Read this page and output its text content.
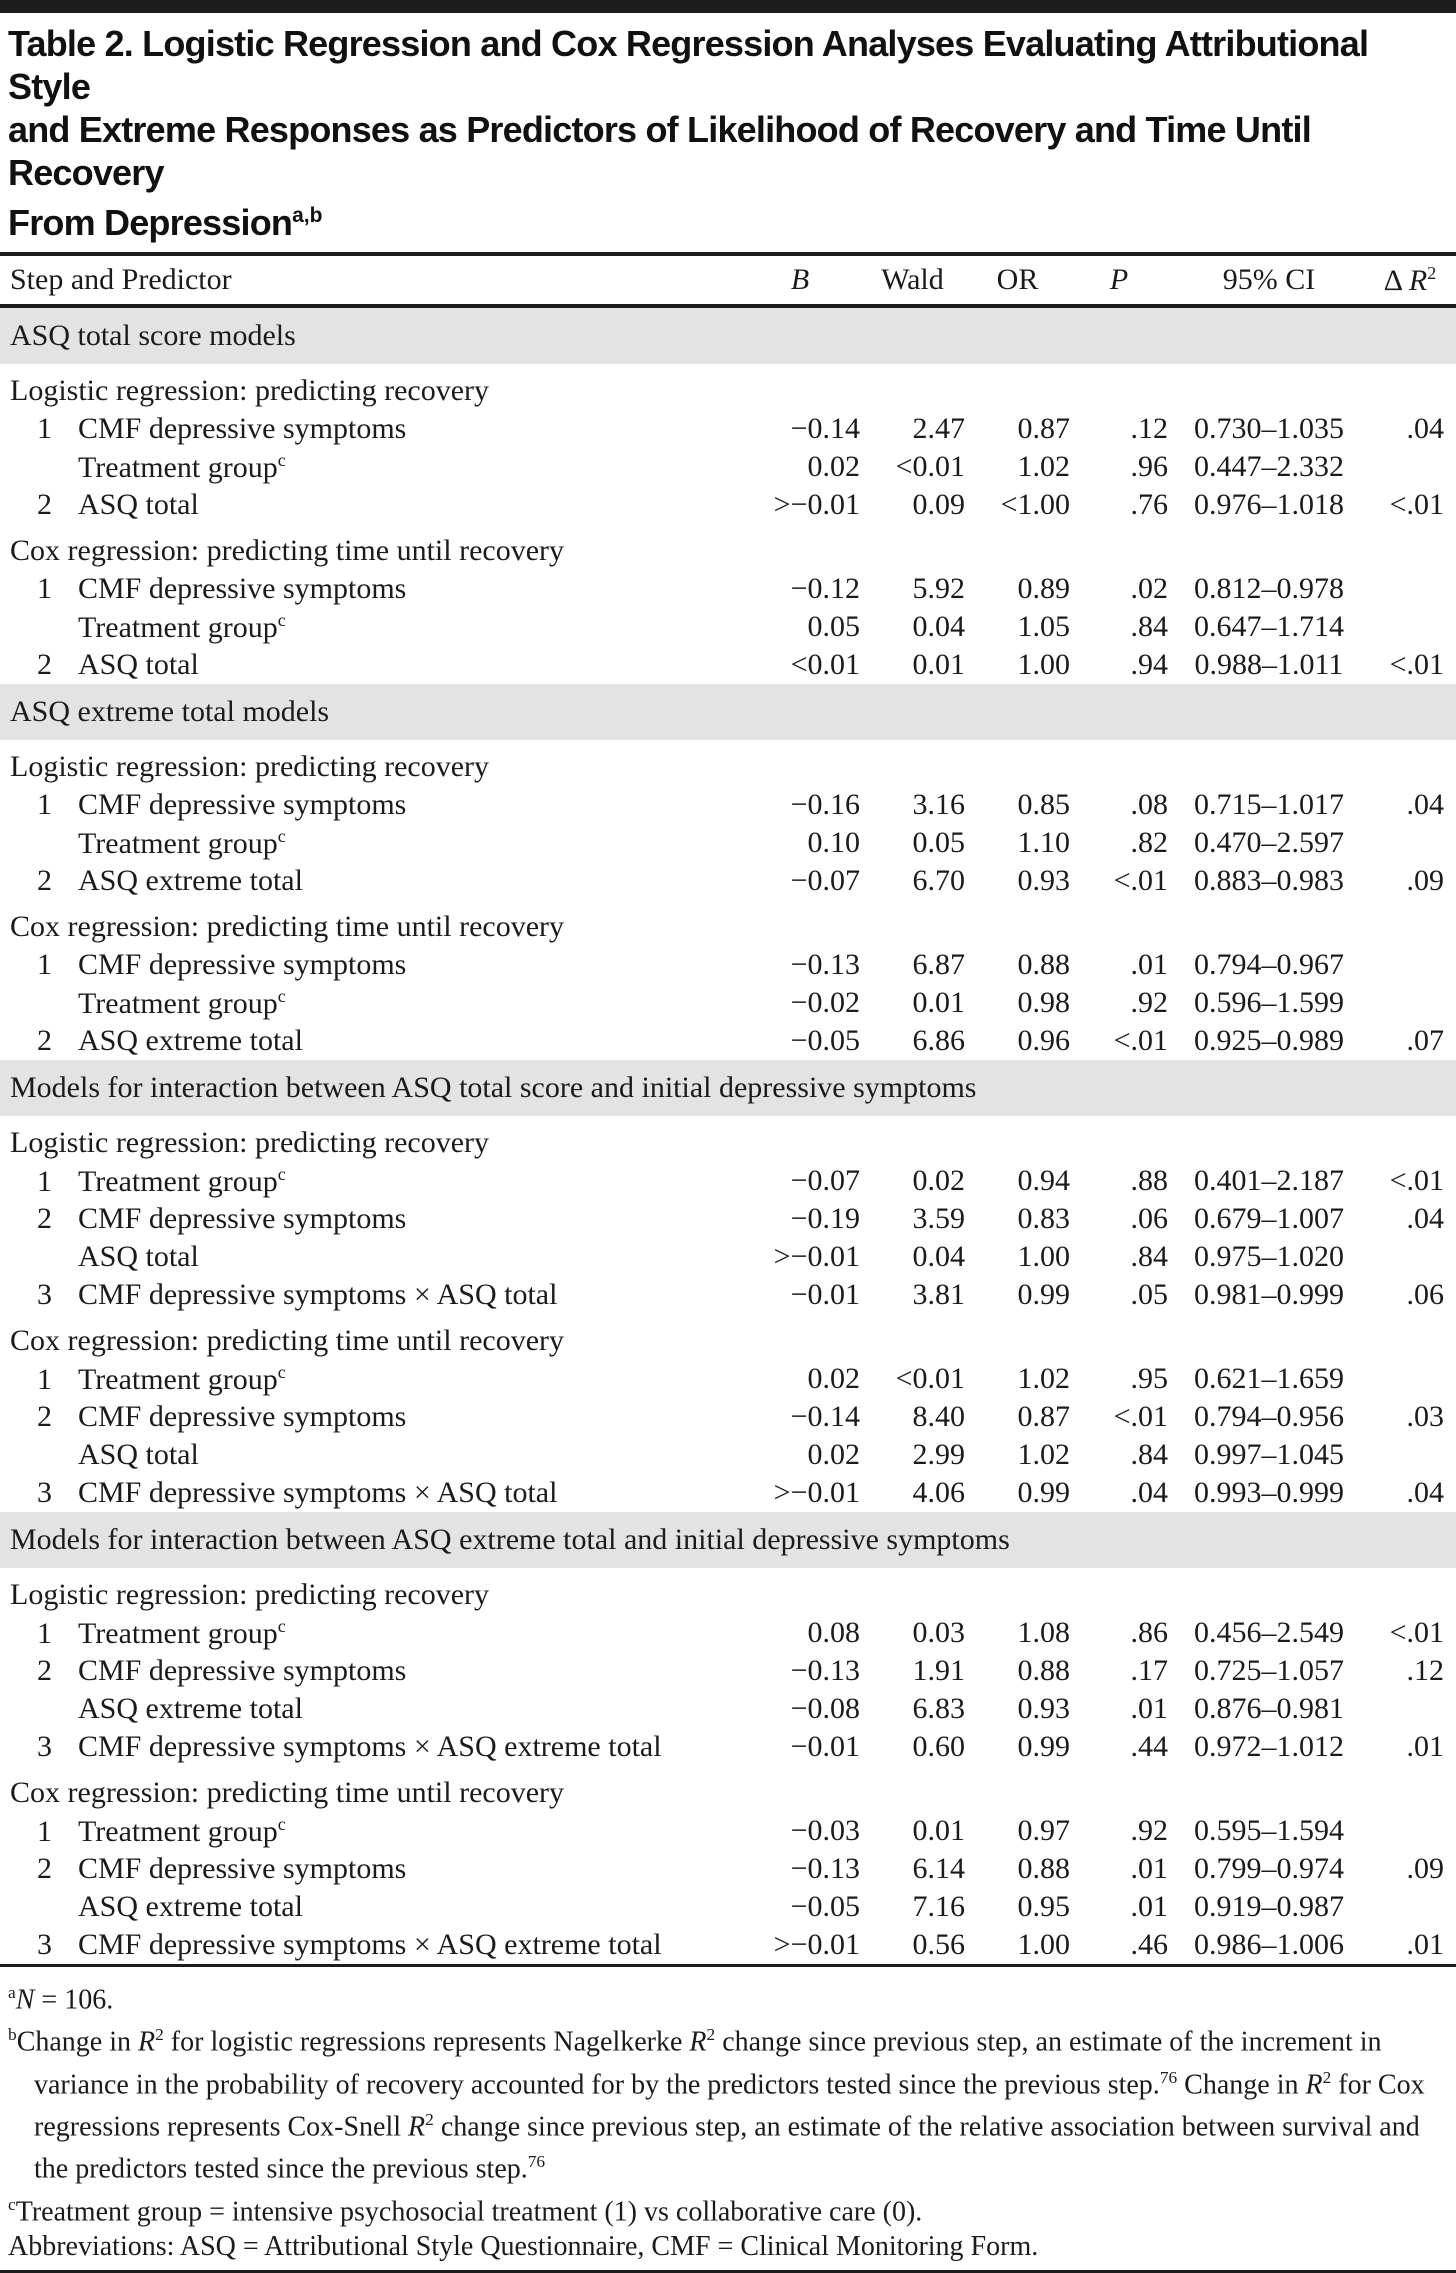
Table 2. Logistic Regression and Cox Regression Analyses Evaluating Attributional Style
and Extreme Responses as Predictors of Likelihood of Recovery and Time Until Recovery
From Depression$^{a,b}$
Step and Predictor	B	Wald	OR	P	95% CI	Δ $R^2$
ASQ total score models						
Logistic regression: predicting recovery						
1 CMF depressive symptoms	−0.14	2.47	0.87	.12	0.730–1.035	.04
Treatment group$^c$	0.02	<0.01	1.02	.96	0.447–2.332	
2 ASQ total	>−0.01	0.09	<1.00	.76	0.976–1.018	<.01
Cox regression: predicting time until recovery						
1 CMF depressive symptoms	−0.12	5.92	0.89	.02	0.812–0.978	
Treatment group$^c$	0.05	0.04	1.05	.84	0.647–1.714	
2 ASQ total	<0.01	0.01	1.00	.94	0.988–1.011	<.01
ASQ extreme total models						
Logistic regression: predicting recovery						
1 CMF depressive symptoms	−0.16	3.16	0.85	.08	0.715–1.017	.04
Treatment group$^c$	0.10	0.05	1.10	.82	0.470–2.597	
2 ASQ extreme total	−0.07	6.70	0.93	<.01	0.883–0.983	.09
Cox regression: predicting time until recovery						
1 CMF depressive symptoms	−0.13	6.87	0.88	.01	0.794–0.967	
Treatment group$^c$	−0.02	0.01	0.98	.92	0.596–1.599	
2 ASQ extreme total	−0.05	6.86	0.96	<.01	0.925–0.989	.07
Models for interaction between ASQ total score and initial depressive symptoms						
Logistic regression: predicting recovery						
1 Treatment group$^c$	−0.07	0.02	0.94	.88	0.401–2.187	<.01
2 CMF depressive symptoms	−0.19	3.59	0.83	.06	0.679–1.007	.04
ASQ total	>−0.01	0.04	1.00	.84	0.975–1.020	
3 CMF depressive symptoms × ASQ total	−0.01	3.81	0.99	.05	0.981–0.999	.06
Cox regression: predicting time until recovery						
1 Treatment group$^c$	0.02	<0.01	1.02	.95	0.621–1.659	
2 CMF depressive symptoms	−0.14	8.40	0.87	<.01	0.794–0.956	.03
ASQ total	0.02	2.99	1.02	.84	0.997–1.045	
3 CMF depressive symptoms × ASQ total	>−0.01	4.06	0.99	.04	0.993–0.999	.04
Models for interaction between ASQ extreme total and initial depressive symptoms						
Logistic regression: predicting recovery						
1 Treatment group$^c$	0.08	0.03	1.08	.86	0.456–2.549	<.01
2 CMF depressive symptoms	−0.13	1.91	0.88	.17	0.725–1.057	.12
ASQ extreme total	−0.08	6.83	0.93	.01	0.876–0.981	
3 CMF depressive symptoms × ASQ extreme total	−0.01	0.60	0.99	.44	0.972–1.012	.01
Cox regression: predicting time until recovery						
1 Treatment group$^c$	−0.03	0.01	0.97	.92	0.595–1.594	
2 CMF depressive symptoms	−0.13	6.14	0.88	.01	0.799–0.974	.09
ASQ extreme total	−0.05	7.16	0.95	.01	0.919–0.987	
3 CMF depressive symptoms × ASQ extreme total	>−0.01	0.56	1.00	.46	0.986–1.006	.01
$^a$N = 106.
$^b$Change in $R^2$ for logistic regressions represents Nagelkerke $R^2$ change since previous step, an estimate of the increment in variance in the probability of recovery accounted for by the predictors tested since the previous step.$^{76}$ Change in $R^2$ for Cox regressions represents Cox-Snell $R^2$ change since previous step, an estimate of the relative association between survival and the predictors tested since the previous step.$^{76}$
$^c$Treatment group = intensive psychosocial treatment (1) vs collaborative care (0).
Abbreviations: ASQ = Attributional Style Questionnaire, CMF = Clinical Monitoring Form.
